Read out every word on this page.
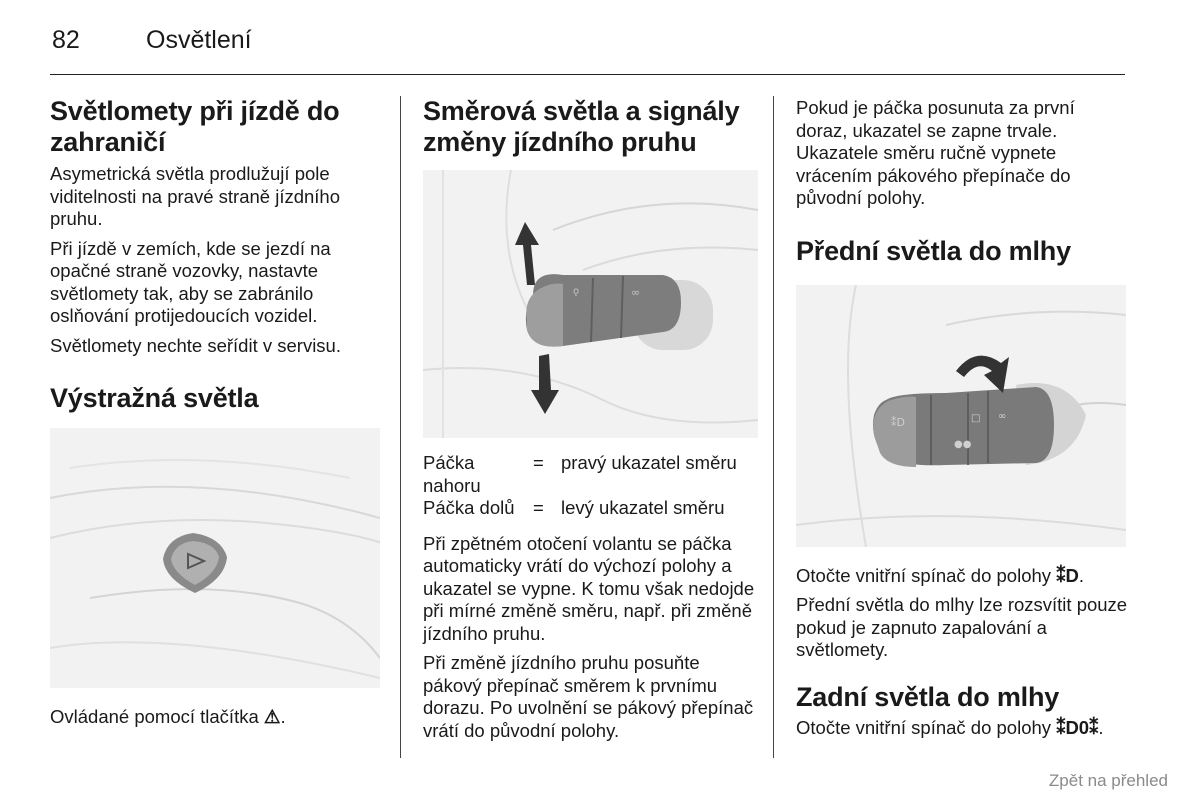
82	Osvětlení
Světlomety při jízdě do zahraničí

Asymetrická světla prodlužují pole viditelnosti na pravé straně jízdního pruhu.

Při jízdě v zemích, kde se jezdí na opačné straně vozovky, nastavte světlomety tak, aby se zabránilo oslňování protijedoucích vozidel.

Světlomety nechte seřídit v servisu.

Výstražná světla

Ovládané pomocí tlačítka ⚠.

Směrová světla a signály změny jízdního pruhu
ǫ	∞
Páčka nahoru
= pravý ukazatel směru
Páčka dolů = levý ukazatel směru

Při zpětném otočení volantu se páčka automaticky vrátí do výchozí polohy a ukazatel se vypne. K tomu však nedojde při mírné změně směru, např. při změně jízdního pruhu.

Při změně jízdního pruhu posuňte pákový přepínač směrem k prvnímu dorazu. Po uvolnění se pákový přepínač vrátí do původní polohy.

Pokud je páčka posunuta za první doraz, ukazatel se zapne trvale. Ukazatele směru ručně vypnete vrácením pákového přepínače do původní polohy.

Přední světla do mlhy
⁑D	□
●●
∞

Otočte vnitřní spínač do polohy ⁑D.

Přední světla do mlhy lze rozsvítit pouze pokud je zapnuto zapalování a světlomety.

Zadní světla do mlhy

Otočte vnitřní spínač do polohy ⁑D0⁑.

Zpět na přehled
